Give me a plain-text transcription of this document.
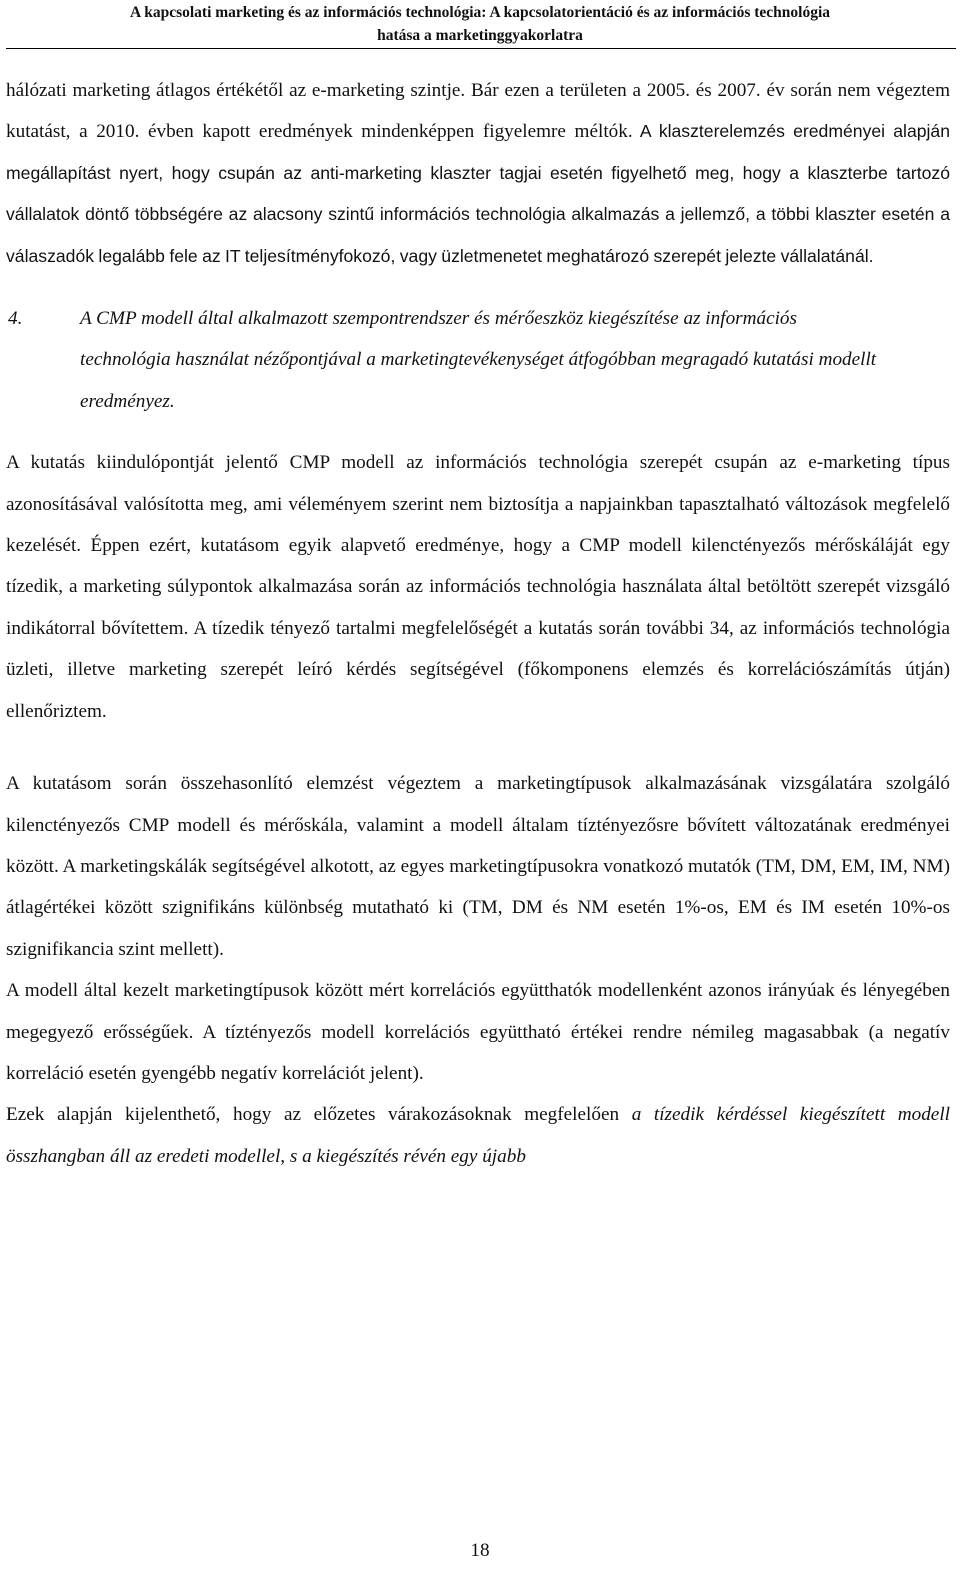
A kapcsolati marketing és az információs technológia: A kapcsolatorientáció és az információs technológia
hatása a marketinggyakorlatra

hálózati marketing átlagos értékétől az e-marketing szintje. Bár ezen a területen a 2005. és 2007. év során nem végeztem kutatást, a 2010. évben kapott eredmények mindenképpen figyelemre méltók. A klaszterelemzés eredményei alapján megállapítást nyert, hogy csupán az anti-marketing klaszter tagjai esetén figyelhető meg, hogy a klaszterbe tartozó vállalatok döntő többségére az alacsony szintű információs technológia alkalmazás a jellemző, a többi klaszter esetén a válaszadók legalább fele az IT teljesítményfokozó, vagy üzletmenetet meghatározó szerepét jelezte vállalatánál.

4.	A CMP modell által alkalmazott szempontrendszer és mérőeszköz kiegészítése az információs technológia használat nézőpontjával a marketingtevékenységet átfogóbban megragadó kutatási modellt eredményez.

A kutatás kiindulópontját jelentő CMP modell az információs technológia szerepét csupán az e-marketing típus azonosításával valósította meg, ami véleményem szerint nem biztosítja a napjainkban tapasztalható változások megfelelő kezelését. Éppen ezért, kutatásom egyik alapvető eredménye, hogy a CMP modell kilenctényezős mérőskáláját egy tízedik, a marketing súlypontok alkalmazása során az információs technológia használata által betöltött szerepét vizsgáló indikátorral bővítettem. A tízedik tényező tartalmi megfelelőségét a kutatás során további 34, az információs technológia üzleti, illetve marketing szerepét leíró kérdés segítségével (főkomponens elemzés és korrelációszámítás útján) ellenőriztem.

A kutatásom során összehasonlító elemzést végeztem a marketingtípusok alkalmazásának vizsgálatára szolgáló kilenctényezős CMP modell és mérőskála, valamint a modell általam tíztényezősre bővített változatának eredményei között. A marketingskálák segítségével alkotott, az egyes marketingtípusokra vonatkozó mutatók (TM, DM, EM, IM, NM) átlagértékei között szignifikáns különbség mutatható ki (TM, DM és NM esetén 1%-os, EM és IM esetén 10%-os szignifikancia szint mellett).

A modell által kezelt marketingtípusok között mért korrelációs együtthatók modellenként azonos irányúak és lényegében megegyező erősségűek. A tíztényezős modell korrelációs együttható értékei rendre némileg magasabbak (a negatív korreláció esetén gyengébb negatív korrelációt jelent).

Ezek alapján kijelenthető, hogy az előzetes várakozásoknak megfelelően a tízedik kérdéssel kiegészített modell összhangban áll az eredeti modellel, s a kiegészítés révén egy újabb

18
